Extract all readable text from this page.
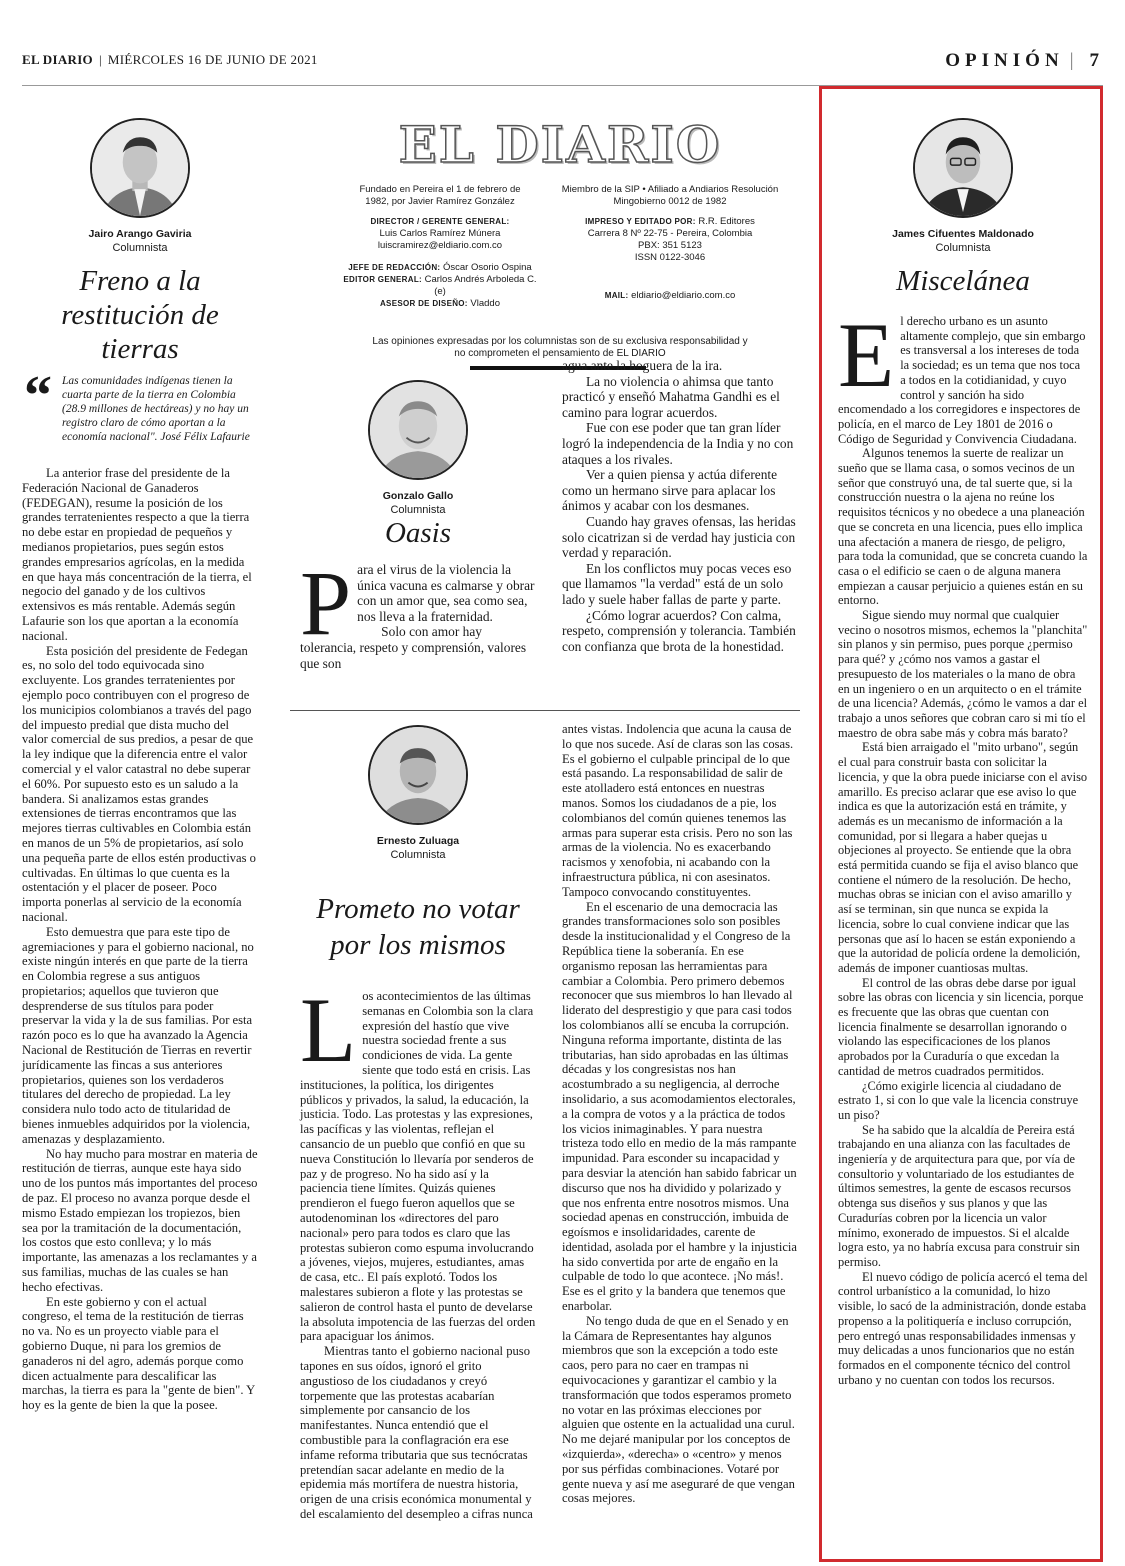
EL DIARIO | MIÉRCOLES 16 DE JUNIO DE 2021	OPINIÓN | 7
Jairo Arango Gaviria
Columnista
Freno a la restitución de tierras
“ Las comunidades indígenas tienen la cuarta parte de la tierra en Colombia (28.9 millones de hectáreas) y no hay un registro claro de cómo aportan a la economía nacional". José Félix Lafaurie

La anterior frase del presidente de la Federación Nacional de Ganaderos (FEDEGAN), resume la posición de los grandes terratenientes respecto a que la tierra no debe estar en propiedad de pequeños y medianos propietarios, pues según estos grandes empresarios agrícolas, en la medida en que haya más concentración de la tierra, el negocio del ganado y de los cultivos extensivos es más rentable. Además según Lafaurie son los que aportan a la economía nacional.

Esta posición del presidente de Fedegan es, no solo del todo equivocada sino excluyente. Los grandes terratenientes por ejemplo poco contribuyen con el progreso de los municipios colombianos a través del pago del impuesto predial que dista mucho del valor comercial de sus predios, a pesar de que la ley indique que la diferencia entre el valor comercial y el valor catastral no debe superar el 60%. Por supuesto esto es un saludo a la bandera. Si analizamos estas grandes extensiones de tierras encontramos que las mejores tierras cultivables en Colombia están en manos de un 5% de propietarios, así solo una pequeña parte de ellos estén productivas o cultivadas. En últimas lo que cuenta es la ostentación y el placer de poseer. Poco importa ponerlas al servicio de la economía nacional.

Esto demuestra que para este tipo de agremiaciones y para el gobierno nacional, no existe ningún interés en que parte de la tierra en Colombia regrese a sus antiguos propietarios; aquellos que tuvieron que desprenderse de sus títulos para poder preservar la vida y la de sus familias. Por esta razón poco es lo que ha avanzado la Agencia Nacional de Restitución de Tierras en revertir jurídicamente las fincas a sus anteriores propietarios, quienes son los verdaderos titulares del derecho de propiedad. La ley considera nulo todo acto de titularidad de bienes inmuebles adquiridos por la violencia, amenazas y desplazamiento.

No hay mucho para mostrar en materia de restitución de tierras, aunque este haya sido uno de los puntos más importantes del proceso de paz. El proceso no avanza porque desde el mismo Estado empiezan los tropiezos, bien sea por la tramitación de la documentación, los costos que esto conlleva; y lo más importante, las amenazas a los reclamantes y a sus familias, muchas de las cuales se han hecho efectivas.

En este gobierno y con el actual congreso, el tema de la restitución de tierras no va. No es un proyecto viable para el gobierno Duque, ni para los gremios de ganaderos ni del agro, además porque como dicen actualmente para descalificar las marchas, la tierra es para la "gente de bien". Y hoy es la gente de bien la que la posee.

EL DIARIO
Fundado en Pereira el 1 de febrero de 1982, por Javier Ramírez González
DIRECTOR / GERENTE GENERAL:
Luis Carlos Ramírez Múnera
luiscramirez@eldiario.com.co
JEFE DE REDACCIÓN: Óscar Osorio Ospina
EDITOR GENERAL: Carlos Andrés Arboleda C. (e)
ASESOR DE DISEÑO: Vladdo
Miembro de la SIP • Afiliado a Andiarios Resolución Mingobierno 0012 de 1982
IMPRESO Y EDITADO POR: R.R. Editores
Carrera 8 Nº 22-75 - Pereira, Colombia
PBX: 351 5123
ISSN 0122-3046
MAIL: eldiario@eldiario.com.co
Las opiniones expresadas por los columnistas son de su exclusiva responsabilidad y no comprometen el pensamiento de EL DIARIO
Gonzalo Gallo
Columnista
Oasis

Para el virus de la violencia la única vacuna es calmarse y obrar con un amor que, sea como sea, nos lleva a la fraternidad.

Solo con amor hay tolerancia, respeto y comprensión, valores que son

agua ante la hoguera de la ira.

La no violencia o ahimsa que tanto practicó y enseñó Mahatma Gandhi es el camino para lograr acuerdos.

Fue con ese poder que tan gran líder logró la independencia de la India y no con ataques a los rivales.

Ver a quien piensa y actúa diferente como un hermano sirve para aplacar los ánimos y acabar con los desmanes.

Cuando hay graves ofensas, las heridas solo cicatrizan si de verdad hay justicia con verdad y reparación.

En los conflictos muy pocas veces eso que llamamos "la verdad" está de un solo lado y suele haber fallas de parte y parte.

¿Cómo lograr acuerdos? Con calma, respeto, comprensión y tolerancia. También con confianza que brota de la honestidad.

Ernesto Zuluaga
Columnista
Prometo no votar por los mismos

Los acontecimientos de las últimas semanas en Colombia son la clara expresión del hastío que vive nuestra sociedad frente a sus condiciones de vida. La gente siente que todo está en crisis. Las instituciones, la política, los dirigentes públicos y privados, la salud, la educación, la justicia. Todo. Las protestas y las expresiones, las pacíficas y las violentas, reflejan el cansancio de un pueblo que confió en que su nueva Constitución lo llevaría por senderos de paz y de progreso. No ha sido así y la paciencia tiene límites. Quizás quienes prendieron el fuego fueron aquellos que se autodenominan los «directores del paro nacional» pero para todos es claro que las protestas subieron como espuma involucrando a jóvenes, viejos, mujeres, estudiantes, amas de casa, etc.. El país explotó. Todos los malestares subieron a flote y las protestas se salieron de control hasta el punto de develarse la absoluta impotencia de las fuerzas del orden para apaciguar los ánimos.

Mientras tanto el gobierno nacional puso tapones en sus oídos, ignoró el grito angustioso de los ciudadanos y creyó torpemente que las protestas acabarían simplemente por cansancio de los manifestantes. Nunca entendió que el combustible para la conflagración era ese infame reforma tributaria que sus tecnócratas pretendían sacar adelante en medio de la epidemia más mortífera de nuestra historia, origen de una crisis económica monumental y del escalamiento del desempleo a cifras nunca

antes vistas. Indolencia que acuna la causa de lo que nos sucede. Así de claras son las cosas. Es el gobierno el culpable principal de lo que está pasando. La responsabilidad de salir de este atolladero está entonces en nuestras manos. Somos los ciudadanos de a pie, los colombianos del común quienes tenemos las armas para superar esta crisis. Pero no son las armas de la violencia. No es exacerbando racismos y xenofobia, ni acabando con la infraestructura pública, ni con asesinatos. Tampoco convocando constituyentes.

En el escenario de una democracia las grandes transformaciones solo son posibles desde la institucionalidad y el Congreso de la República tiene la soberanía. En ese organismo reposan las herramientas para cambiar a Colombia. Pero primero debemos reconocer que sus miembros lo han llevado al liderato del desprestigio y que para casi todos los colombianos allí se encuba la corrupción. Ninguna reforma importante, distinta de las tributarias, han sido aprobadas en las últimas décadas y los congresistas nos han acostumbrado a su negligencia, al derroche insolidario, a sus acomodamientos electorales, a la compra de votos y a la práctica de todos los vicios inimaginables. Y para nuestra tristeza todo ello en medio de la más rampante impunidad. Para esconder su incapacidad y para desviar la atención han sabido fabricar un discurso que nos ha dividido y polarizado y que nos enfrenta entre nosotros mismos. Una sociedad apenas en construcción, imbuida de egoísmos e insolidaridades, carente de identidad, asolada por el hambre y la injusticia ha sido convertida por arte de engaño en la culpable de todo lo que acontece. ¡No más!. Ese es el grito y la bandera que tenemos que enarbolar.

No tengo duda de que en el Senado y en la Cámara de Representantes hay algunos miembros que son la excepción a todo este caos, pero para no caer en trampas ni equivocaciones y garantizar el cambio y la transformación que todos esperamos prometo no votar en las próximas elecciones por alguien que ostente en la actualidad una curul. No me dejaré manipular por los conceptos de «izquierda», «derecha» o «centro» y menos por sus pérfidas combinaciones. Votaré por gente nueva y así me aseguraré de que vengan cosas mejores.

James Cifuentes Maldonado
Columnista
Miscelánea

El derecho urbano es un asunto altamente complejo, que sin embargo es transversal a los intereses de toda la sociedad; es un tema que nos toca a todos en la cotidianidad, y cuyo control y sanción ha sido encomendado a los corregidores e inspectores de policía, en el marco de Ley 1801 de 2016 o Código de Seguridad y Convivencia Ciudadana.

Algunos tenemos la suerte de realizar un sueño que se llama casa, o somos vecinos de un señor que construyó una, de tal suerte que, si la construcción nuestra o la ajena no reúne los requisitos técnicos y no obedece a una planeación que se concreta en una licencia, pues ello implica una afectación a manera de riesgo, de peligro, para toda la comunidad, que se concreta cuando la casa o el edificio se caen o de alguna manera empiezan a causar perjuicio a quienes están en su entorno.

Sigue siendo muy normal que cualquier vecino o nosotros mismos, echemos la "planchita" sin planos y sin permiso, pues porque ¿permiso para qué? y ¿cómo nos vamos a gastar el presupuesto de los materiales o la mano de obra en un ingeniero o en un arquitecto o en el trámite de una licencia? Además, ¿cómo le vamos a dar el trabajo a unos señores que cobran caro si mi tío el maestro de obra sabe más y cobra más barato?

Está bien arraigado el "mito urbano", según el cual para construir basta con solicitar la licencia, y que la obra puede iniciarse con el aviso amarillo. Es preciso aclarar que ese aviso lo que indica es que la autorización está en trámite, y además es un mecanismo de información a la comunidad, por si llegara a haber quejas u objeciones al proyecto. Se entiende que la obra está permitida cuando se fija el aviso blanco que contiene el número de la resolución. De hecho, muchas obras se inician con el aviso amarillo y así se terminan, sin que nunca se expida la licencia, sobre lo cual conviene indicar que las personas que así lo hacen se están exponiendo a que la autoridad de policía ordene la demolición, además de imponer cuantiosas multas.

El control de las obras debe darse por igual sobre las obras con licencia y sin licencia, porque es frecuente que las obras que cuentan con licencia finalmente se desarrollan ignorando o violando las especificaciones de los planos aprobados por la Curaduría o que excedan la cantidad de metros cuadrados permitidos.

¿Cómo exigirle licencia al ciudadano de estrato 1, si con lo que vale la licencia construye un piso?

Se ha sabido que la alcaldía de Pereira está trabajando en una alianza con las facultades de ingeniería y de arquitectura para que, por vía de consultorio y voluntariado de los estudiantes de últimos semestres, la gente de escasos recursos obtenga sus diseños y sus planos y que las Curadurías cobren por la licencia un valor mínimo, exonerado de impuestos. Si el alcalde logra esto, ya no habría excusa para construir sin permiso.

El nuevo código de policía acercó el tema del control urbanístico a la comunidad, lo hizo visible, lo sacó de la administración, donde estaba propenso a la politiquería e incluso corrupción, pero entregó unas responsabilidades inmensas y muy delicadas a unos funcionarios que no están formados en el componente técnico del control urbano y no cuentan con todos los recursos.
